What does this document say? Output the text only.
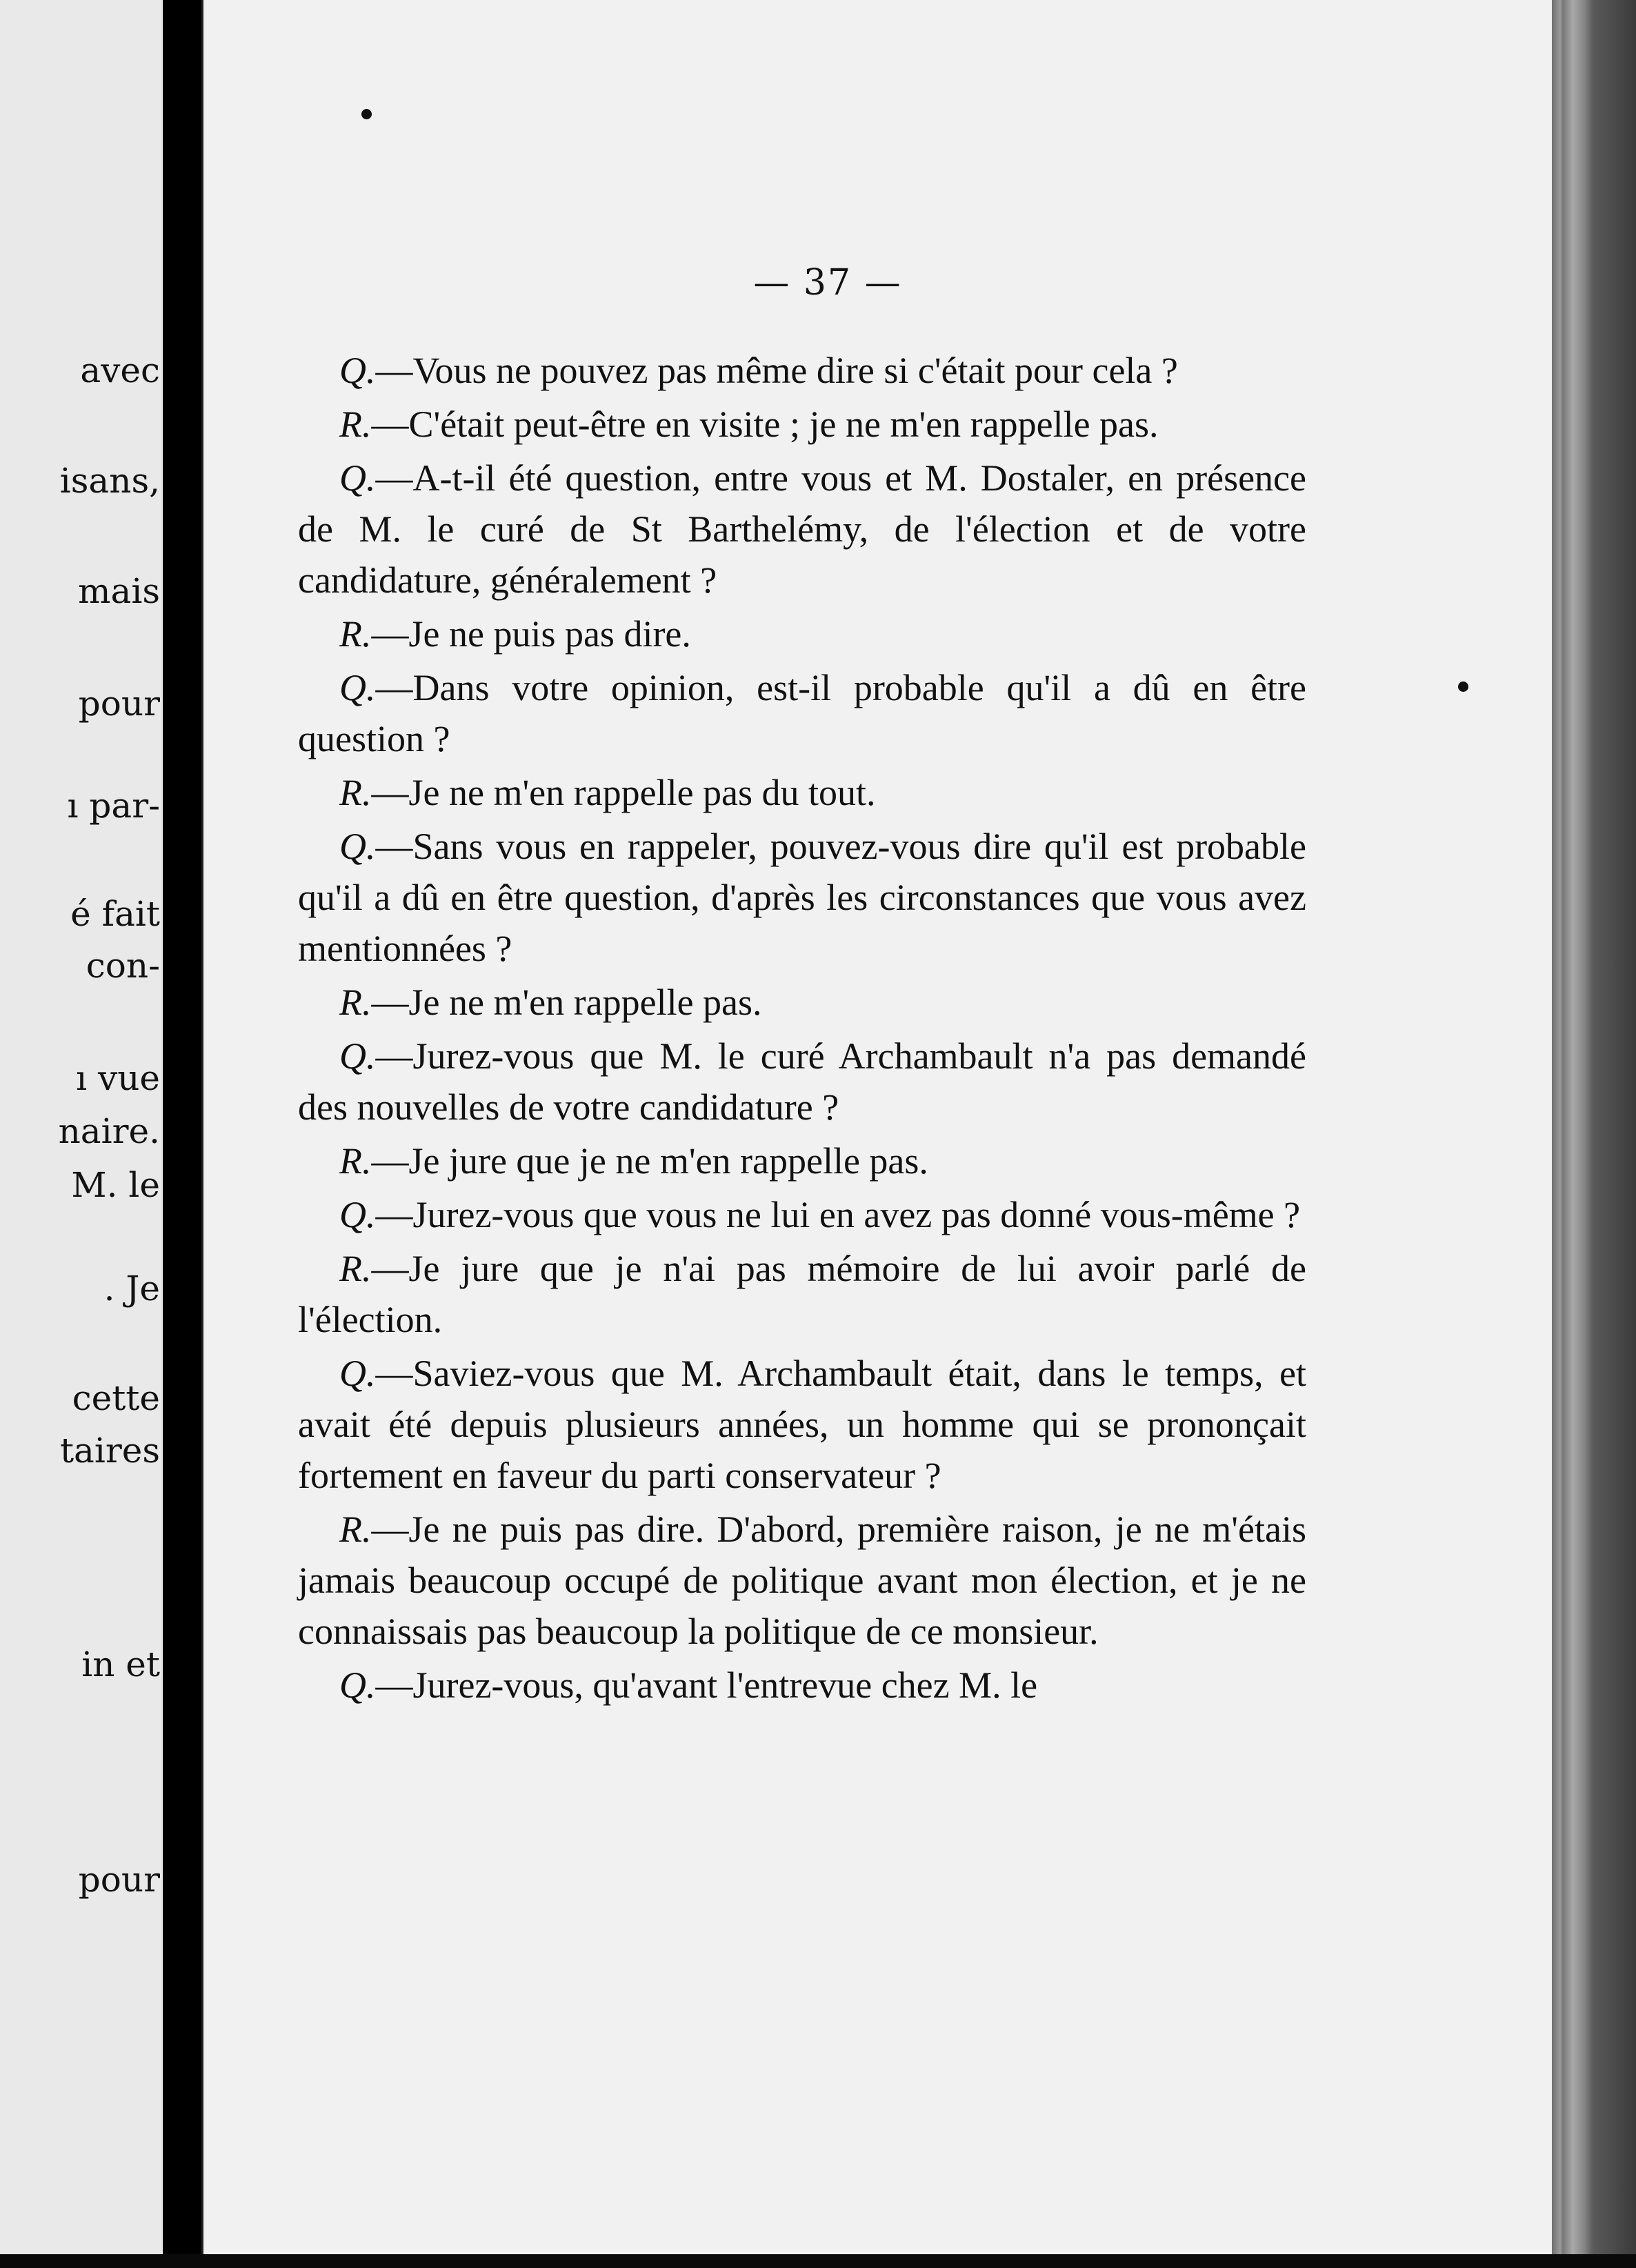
avec
isans,
mais
pour
ı par-
é fait
con-
ı vue
naire.
M. le
. Je
cette
taires
in et
pour
— 37 —

Q.—Vous ne pouvez pas même dire si c'était pour cela ?

R.—C'était peut-être en visite ; je ne m'en rappelle pas.

Q.—A-t-il été question, entre vous et M. Dostaler, en présence de M. le curé de St Barthelémy, de l'élection et de votre candidature, généralement ?

R.—Je ne puis pas dire.

Q.—Dans votre opinion, est-il probable qu'il a dû en être question ?

R.—Je ne m'en rappelle pas du tout.

Q.—Sans vous en rappeler, pouvez-vous dire qu'il est probable qu'il a dû en être question, d'après les circonstances que vous avez mentionnées ?

R.—Je ne m'en rappelle pas.

Q.—Jurez-vous que M. le curé Archambault n'a pas demandé des nouvelles de votre candidature ?

R.—Je jure que je ne m'en rappelle pas.

Q.—Jurez-vous que vous ne lui en avez pas donné vous-même ?

R.—Je jure que je n'ai pas mémoire de lui avoir parlé de l'élection.

Q.—Saviez-vous que M. Archambault était, dans le temps, et avait été depuis plusieurs années, un homme qui se prononçait fortement en faveur du parti conservateur ?

R.—Je ne puis pas dire. D'abord, première raison, je ne m'étais jamais beaucoup occupé de politique avant mon élection, et je ne connaissais pas beaucoup la politique de ce monsieur.

Q.—Jurez-vous, qu'avant l'entrevue chez M. le
